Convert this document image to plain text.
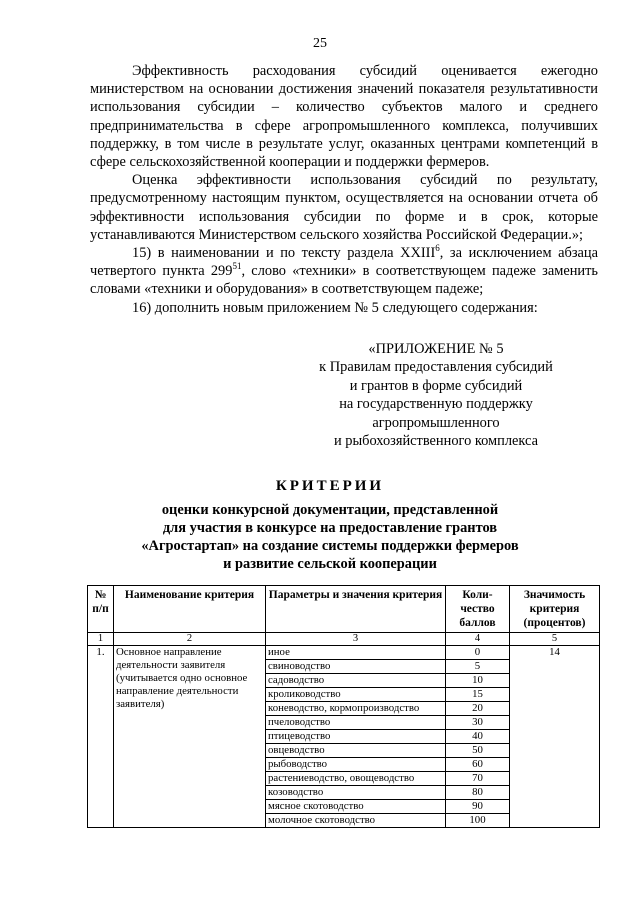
25

Эффективность расходования субсидий оценивается ежегодно министерством на основании достижения значений показателя результативности использования субсидии – количество субъектов малого и среднего предпринимательства в сфере агропромышленного комплекса, получивших поддержку, в том числе в результате услуг, оказанных центрами компетенций в сфере сельскохозяйственной кооперации и поддержки фермеров.

Оценка эффективности использования субсидий по результату, предусмотренному настоящим пунктом, осуществляется на основании отчета об эффективности использования субсидии по форме и в срок, которые устанавливаются Министерством сельского хозяйства Российской Федерации.»;

15) в наименовании и по тексту раздела XXIII$^6$, за исключением абзаца четвертого пункта $299^{51}$, слово «техники» в соответствующем падеже заменить словами «техники и оборудования» в соответствующем падеже;

16) дополнить новым приложением № 5 следующего содержания:

«ПРИЛОЖЕНИЕ № 5
к Правилам предоставления субсидий
и грантов в форме субсидий
на государственную поддержку
агропромышленного
и рыбохозяйственного комплекса
КРИТЕРИИ
оценки конкурсной документации, представленной
для участия в конкурсе на предоставление грантов
«Агростартап» на создание системы поддержки фермеров
и развитие сельской кооперации
№ п/п	Наименование критерия	Параметры и значения критерия	Коли-чество баллов	Значимость критерия (процентов)
1	2	3	4	5
1.	Основное направление деятельности заявителя (учитывается одно основное направление деятельности заявителя)	иное	0	14
		свиноводство	5	
		садоводство	10	
		кролиководство	15	
		коневодство, кормопроизводство	20	
		пчеловодство	30	
		птицеводство	40	
		овцеводство	50	
		рыбоводство	60	
		растениеводство, овощеводство	70	
		козоводство	80	
		мясное скотоводство	90	
		молочное скотоводство	100	
